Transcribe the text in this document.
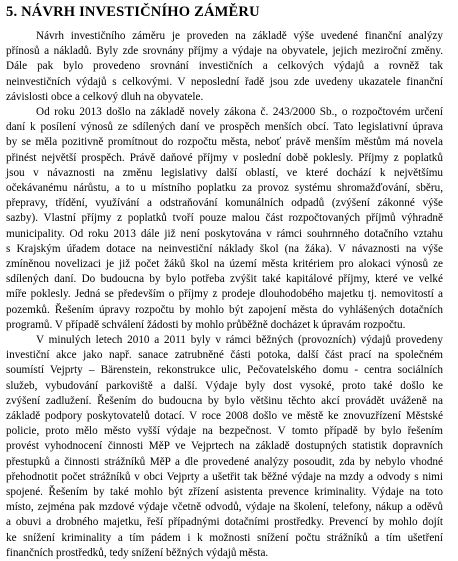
5. NÁVRH INVESTIČNÍHO ZÁMĚRU
Návrh investičního záměru je proveden na základě výše uvedené finanční analýzy
přínosů a nákladů. Byly zde srovnány příjmy a výdaje na obyvatele, jejich meziroční změny.
Dále pak bylo provedeno srovnání investičních a celkových výdajů a rovněž tak
neinvestičních výdajů s celkovými. V neposlední řadě jsou zde uvedeny ukazatele finanční
závislosti obce a celkový dluh na obyvatele.
Od roku 2013 došlo na základě novely zákona č. 243/2000 Sb., o rozpočtovém určení
daní k posílení výnosů ze sdílených daní ve prospěch menších obcí. Tato legislativní úprava
by se měla pozitivně promítnout do rozpočtu města, neboť právě menším městům má novela
přinést největší prospěch. Právě daňové příjmy v poslední době poklesly. Příjmy z poplatků
jsou v návaznosti na změnu legislativy další oblastí, ve které dochází k největšímu
očekávanému nárůstu, a to u místního poplatku za provoz systému shromažďování, sběru,
přepravy, třídění, využívání a odstraňování komunálních odpadů (zvýšení zákonné výše
sazby). Vlastní příjmy z poplatků tvoří pouze malou část rozpočtovaných příjmů výhradně
municipality. Od roku 2013 dále již není poskytována v rámci souhrnného dotačního vztahu
s Krajským úřadem dotace na neinvestiční náklady škol (na žáka). V návaznosti na výše
zmíněnou novelizaci je již počet žáků škol na území města kritériem pro alokaci výnosů ze
sdílených daní. Do budoucna by bylo potřeba zvýšit také kapitálové příjmy, které ve velké
míře poklesly. Jedná se především o příjmy z prodeje dlouhodobého majetku tj. nemovitostí a
pozemků. Řešením úpravy rozpočtu by mohlo být zapojení města do vyhlášených dotačních
programů. V případě schválení žádosti by mohlo průběžně docházet k úpravám rozpočtu.
V minulých letech 2010 a 2011 byly v rámci běžných (provozních) výdajů provedeny
investiční akce jako např. sanace zatrubněné části potoka, další část prací na společném
soumístí Vejprty – Bärenstein, rekonstrukce ulic, Pečovatelského domu - centra sociálních
služeb, vybudování parkoviště a další. Výdaje byly dost vysoké, proto také došlo ke
zvýšení zadlužení. Řešením do budoucna by bylo většinu těchto akcí provádět uváženě na
základě podpory poskytovatelů dotací. V roce 2008 došlo ve městě ke znovuzřízení Městské
policie, proto mělo město vyšší výdaje na bezpečnost. V tomto případě by bylo řešením
provést vyhodnocení činnosti MěP ve Vejprtech na základě dostupných statistik dopravních
přestupků a činnosti strážníků MěP a dle provedené analýzy posoudit, zda by nebylo vhodné
přehodnotit počet strážníků v obci Vejprty a ušetřit tak běžné výdaje na mzdy a odvody s nimi
spojené. Řešením by také mohlo být zřízení asistenta prevence kriminality. Výdaje na toto
místo, zejména pak mzdové výdaje včetně odvodů, výdaje na školení, telefony, nákup a oděvů
a obuvi a drobného majetku, řeší případnými dotačními prostředky. Prevencí by mohlo dojít
ke snížení kriminality a tím pádem i k možnosti snížení počtu strážníků a tím ušetření
finančních prostředků, tedy snížení běžných výdajů města.
